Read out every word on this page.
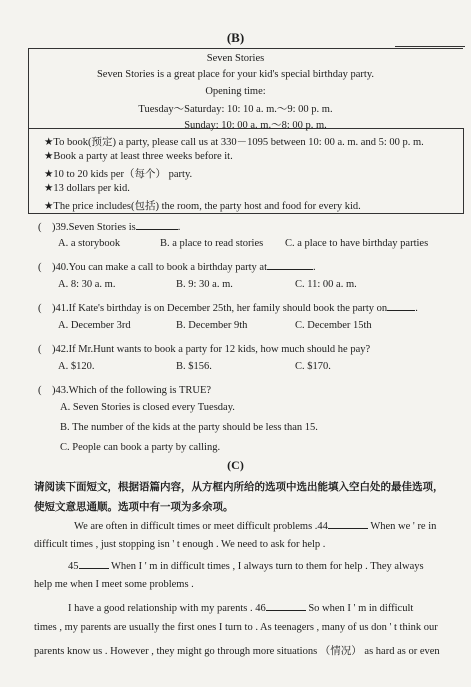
(B)
Seven Stories
Seven Stories is a great place for your kid's special birthday party.
Opening time:
Tuesday～Saturday: 10: 10 a. m.～9: 00 p. m.
Sunday: 10: 00 a. m.～8: 00 p. m.
★To book(预定) a party, please call us at 330－1095 between 10: 00 a. m. and 5: 00 p. m.
★Book a party at least three weeks before it.
★10 to 20 kids per（每个） party.
★13 dollars per kid.
★The price includes(包括) the room, the party host and food for every kid.
(　)39.Seven Stories is	.
A. a storybook	B. a place to read stories C. a place to have birthday parties
(　)40.You can make a call to book a birthday party at	.
A. 8: 30 a. m.	B. 9: 30 a. m.	C. 11: 00 a. m.
(　)41.If Kate's birthday is on December 25th, her family should book the party on	.
A. December 3rd	B. December 9th	C. December 15th
(　)42.If Mr.Hunt wants to book a party for 12 kids, how much should he pay?
A. $120.	B. $156.	C. $170.
(　)43.Which of the following is TRUE?
A. Seven Stories is closed every Tuesday.
B. The number of the kids at the party should be less than 15.
C. People can book a party by calling.
(C)
请阅读下面短文，根据语篇内容，从方框内所给的选项中选出能填入空白处的最佳选项，
使短文意思通顺。选项中有一项为多余项。
We are often in difficult times or meet difficult problems .44	When we ' re in
difficult times , just stopping isn ' t enough . We need to ask for help .
45	When I ' m in difficult times , I always turn to them for help . They always
help me when I meet some problems .
I have a good relationship with my parents . 46	So when I ' m in difficult
times , my parents are usually the first ones I turn to . As teenagers , many of us don ' t think our
parents know us . However , they might go through more situations （情况） as hard as or even
